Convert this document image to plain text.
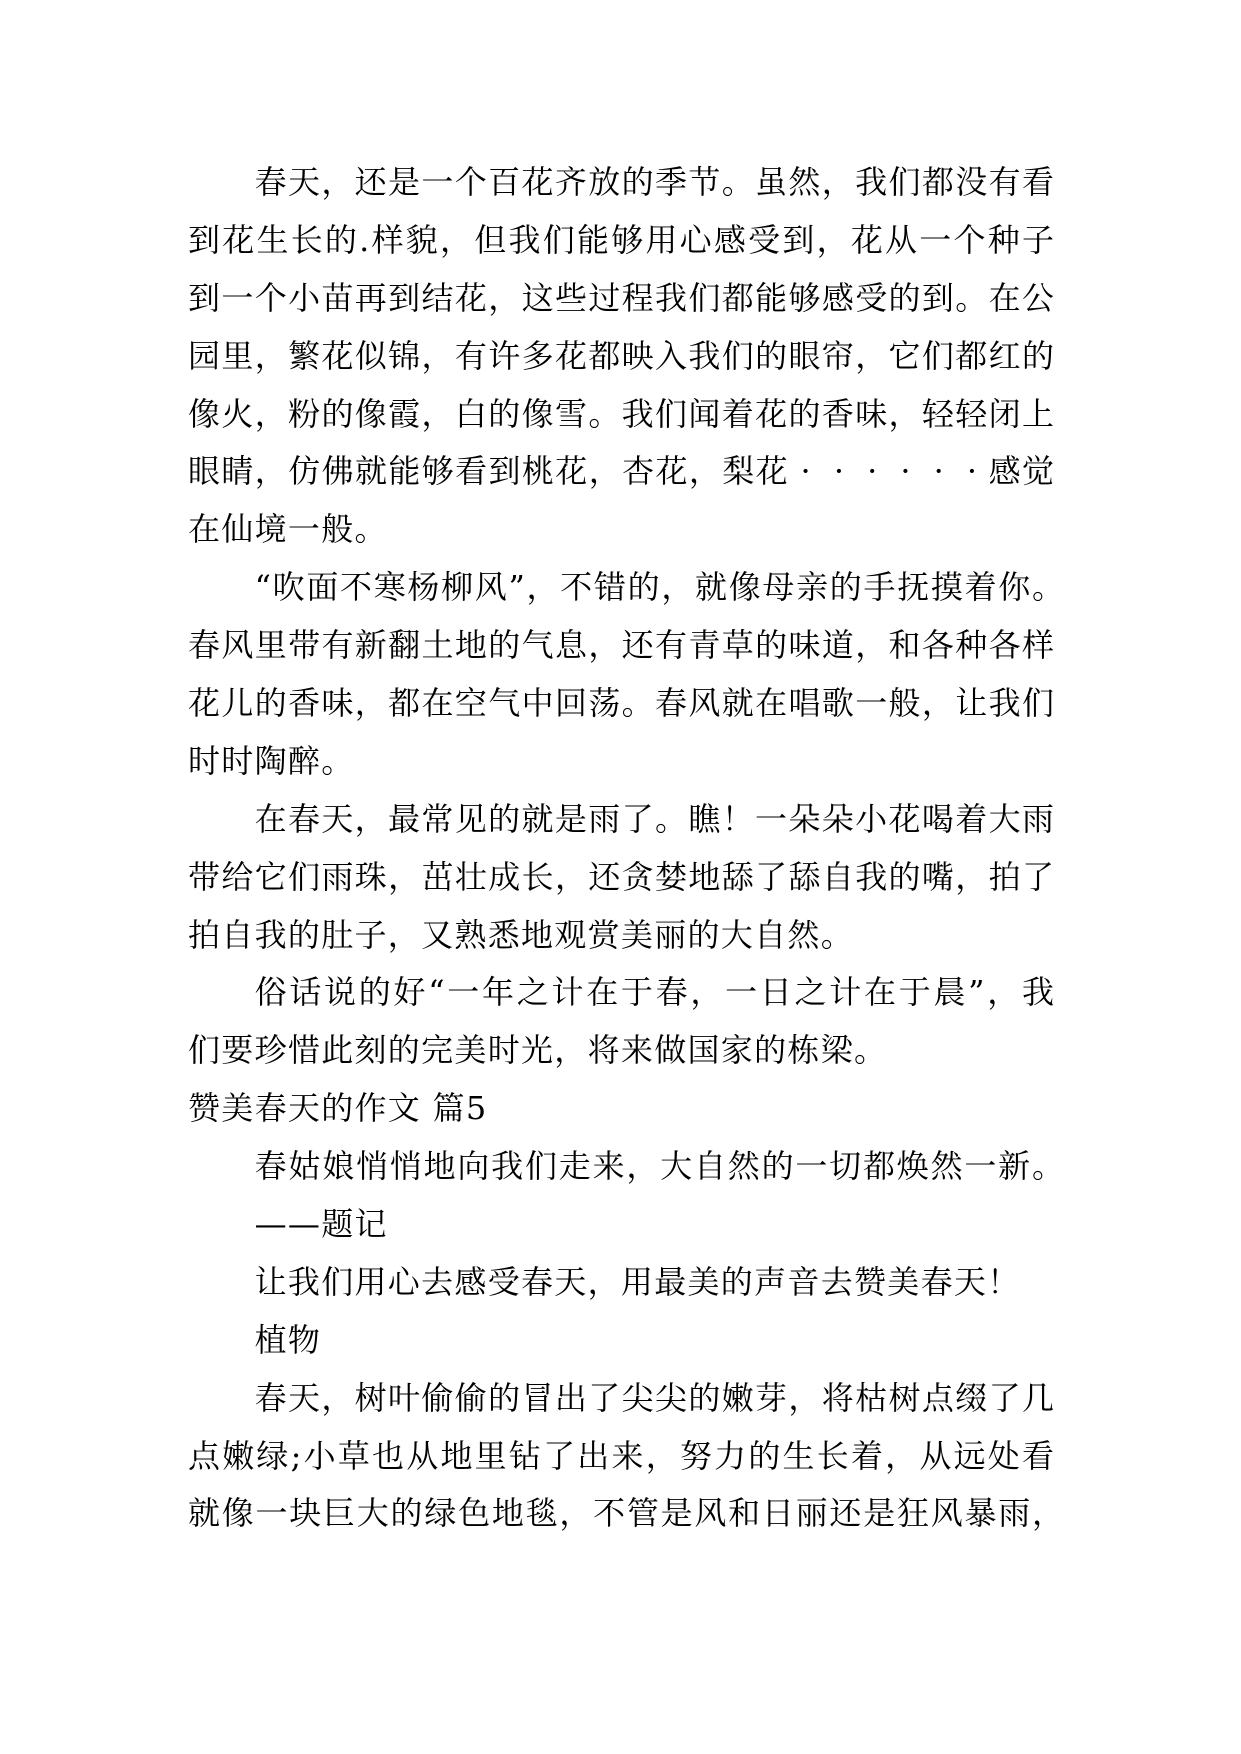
春天，还是一个百花齐放的季节。虽然，我们都没有看
到花生长的.样貌，但我们能够用心感受到，花从一个种子
到一个小苗再到结花，这些过程我们都能够感受的到。在公
园里，繁花似锦，有许多花都映入我们的眼帘，它们都红的
像火，粉的像霞，白的像雪。我们闻着花的香味，轻轻闭上
眼睛，仿佛就能够看到桃花，杏花，梨花 ······感觉
在仙境一般。
“吹面不寒杨柳风”，不错的，就像母亲的手抚摸着你。
春风里带有新翻土地的气息，还有青草的味道，和各种各样
花儿的香味，都在空气中回荡。春风就在唱歌一般，让我们
时时陶醉。
在春天，最常见的就是雨了。瞧！一朵朵小花喝着大雨
带给它们雨珠，茁壮成长，还贪婪地舔了舔自我的嘴，拍了
拍自我的肚子，又熟悉地观赏美丽的大自然。
俗话说的好“一年之计在于春，一日之计在于晨”，我
们要珍惜此刻的完美时光，将来做国家的栋梁。
赞美春天的作文 篇5
春姑娘悄悄地向我们走来，大自然的一切都焕然一新。
——题记
让我们用心去感受春天，用最美的声音去赞美春天！
植物
春天，树叶偷偷的冒出了尖尖的嫩芽，将枯树点缀了几
点嫩绿;小草也从地里钻了出来，努力的生长着，从远处看
就像一块巨大的绿色地毯，不管是风和日丽还是狂风暴雨，
